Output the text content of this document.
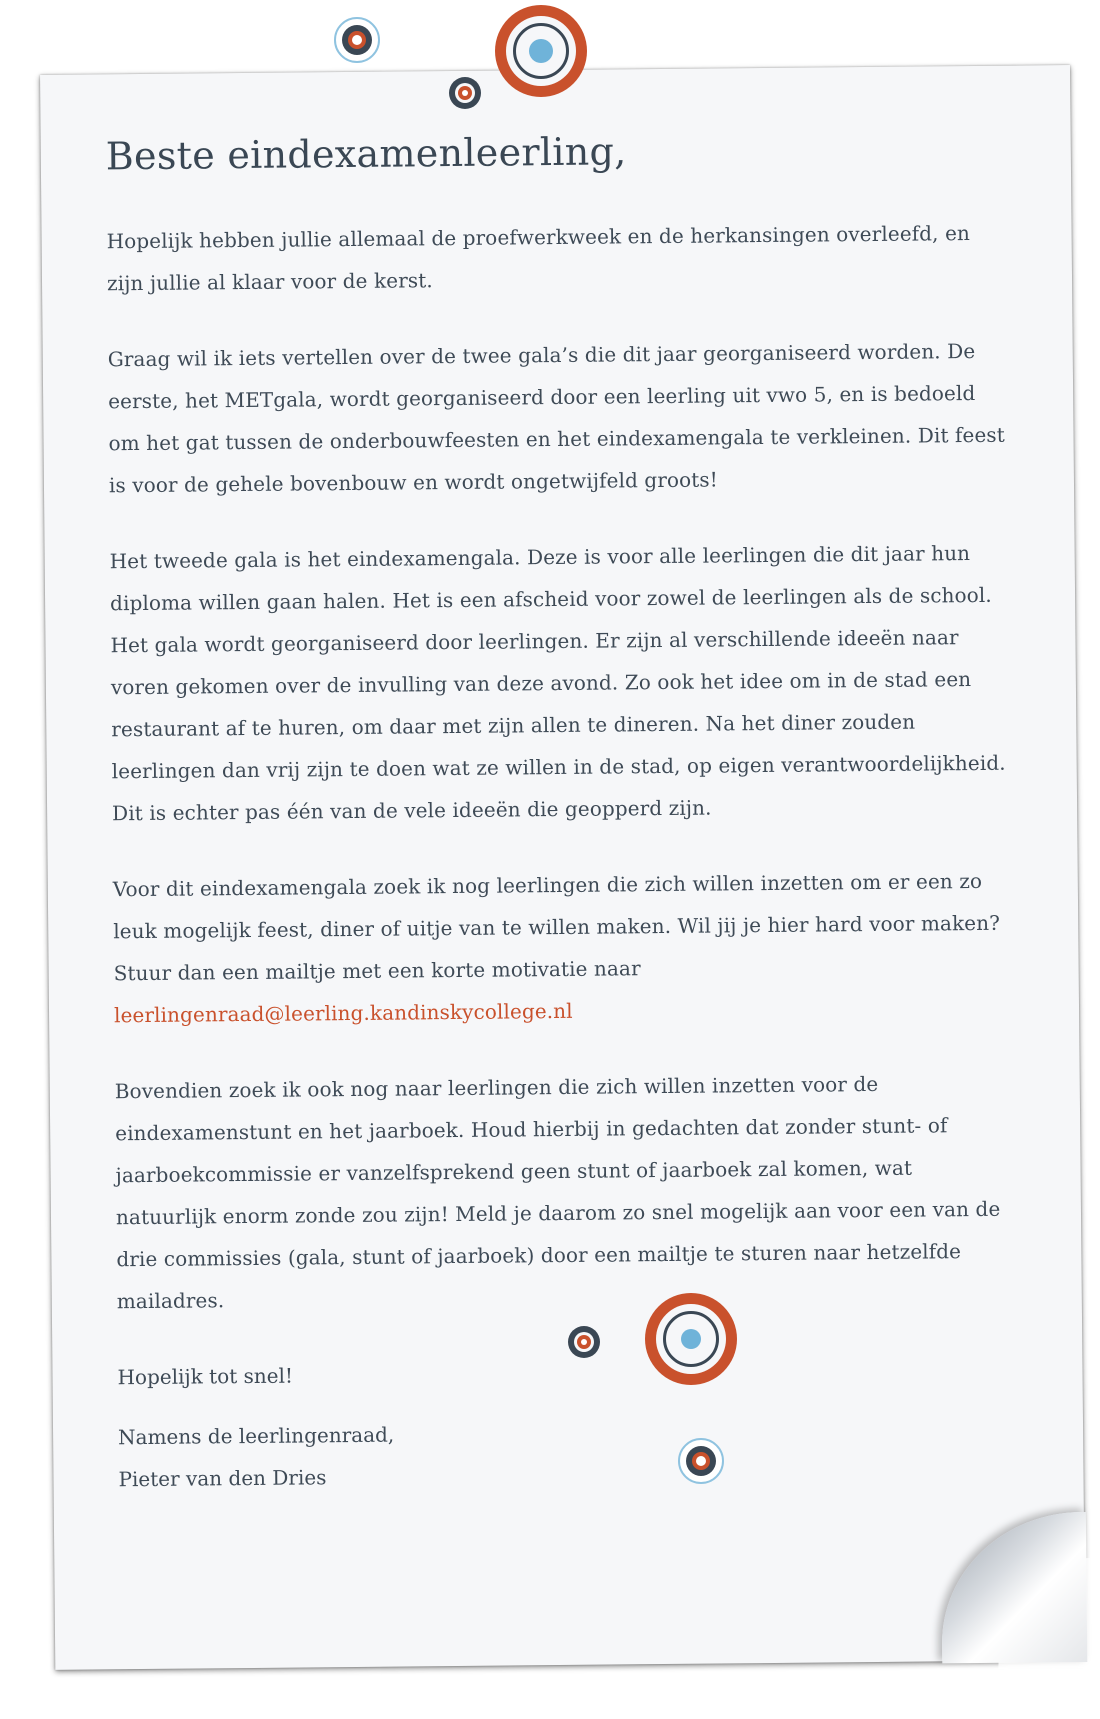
Beste eindexamenleerling,

Hopelijk hebben jullie allemaal de proefwerkweek en de herkansingen overleefd, en zijn jullie al klaar voor de kerst.

Graag wil ik iets vertellen over de twee gala’s die dit jaar georganiseerd worden. De eerste, het METgala, wordt georganiseerd door een leerling uit vwo 5, en is bedoeld om het gat tussen de onderbouwfeesten en het eindexamengala te verkleinen. Dit feest is voor de gehele bovenbouw en wordt ongetwijfeld groots!

Het tweede gala is het eindexamengala. Deze is voor alle leerlingen die dit jaar hun diploma willen gaan halen. Het is een afscheid voor zowel de leerlingen als de school. Het gala wordt georganiseerd door leerlingen. Er zijn al verschillende ideeën naar voren gekomen over de invulling van deze avond. Zo ook het idee om in de stad een restaurant af te huren, om daar met zijn allen te dineren. Na het diner zouden leerlingen dan vrij zijn te doen wat ze willen in de stad, op eigen verantwoordelijkheid. Dit is echter pas één van de vele ideeën die geopperd zijn.

Voor dit eindexamengala zoek ik nog leerlingen die zich willen inzetten om er een zo leuk mogelijk feest, diner of uitje van te willen maken. Wil jij je hier hard voor maken? Stuur dan een mailtje met een korte motivatie naar
leerlingenraad@leerling.kandinskycollege.nl

Bovendien zoek ik ook nog naar leerlingen die zich willen inzetten voor de eindexamenstunt en het jaarboek. Houd hierbij in gedachten dat zonder stunt- of jaarboekcommissie er vanzelfsprekend geen stunt of jaarboek zal komen, wat natuurlijk enorm zonde zou zijn! Meld je daarom zo snel mogelijk aan voor een van de drie commissies (gala, stunt of jaarboek) door een mailtje te sturen naar hetzelfde mailadres.

Hopelijk tot snel!

Namens de leerlingenraad,

Pieter van den Dries
